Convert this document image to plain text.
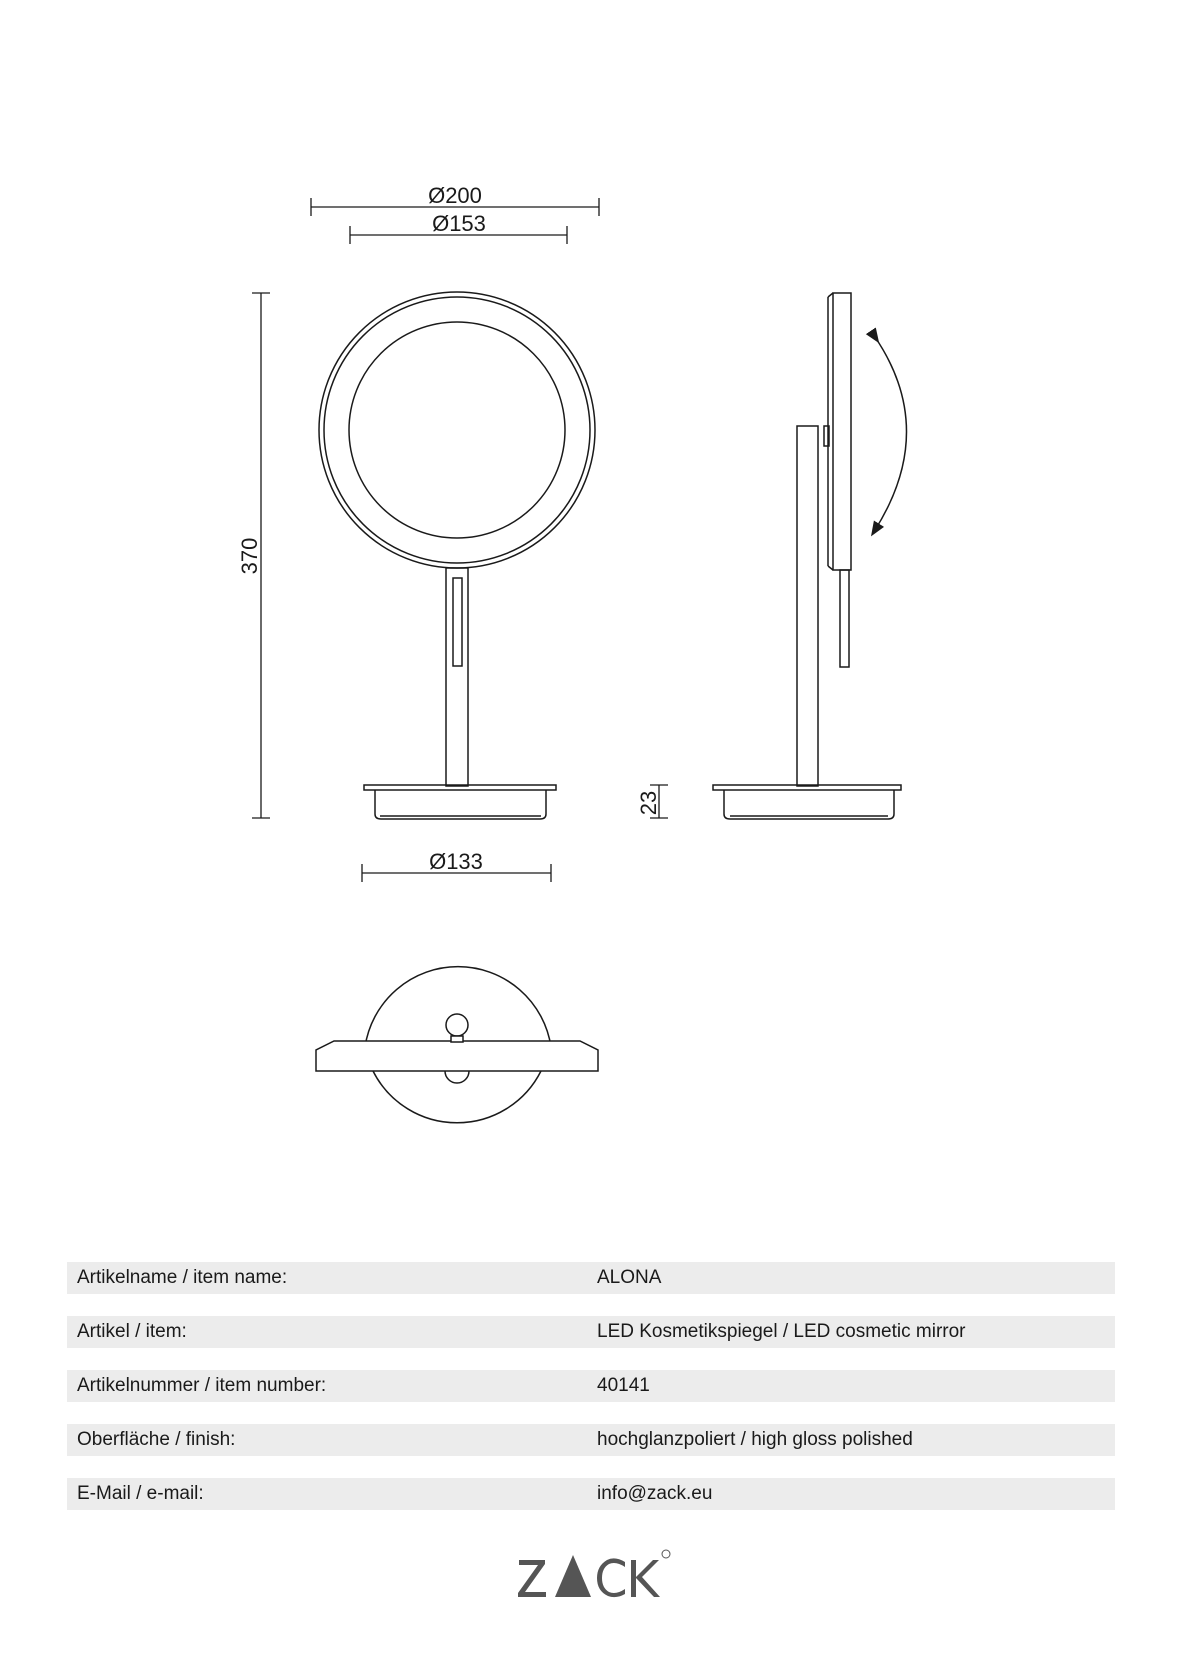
Ø200
Ø153
370
23
Ø133
Artikelname / item name:	ALONA
Artikel / item:	LED Kosmetikspiegel / LED cosmetic mirror
Artikelnummer / item number:	40141
Oberfläche / finish:	hochglanzpoliert / high gloss polished
E-Mail / e-mail:	info@zack.eu
